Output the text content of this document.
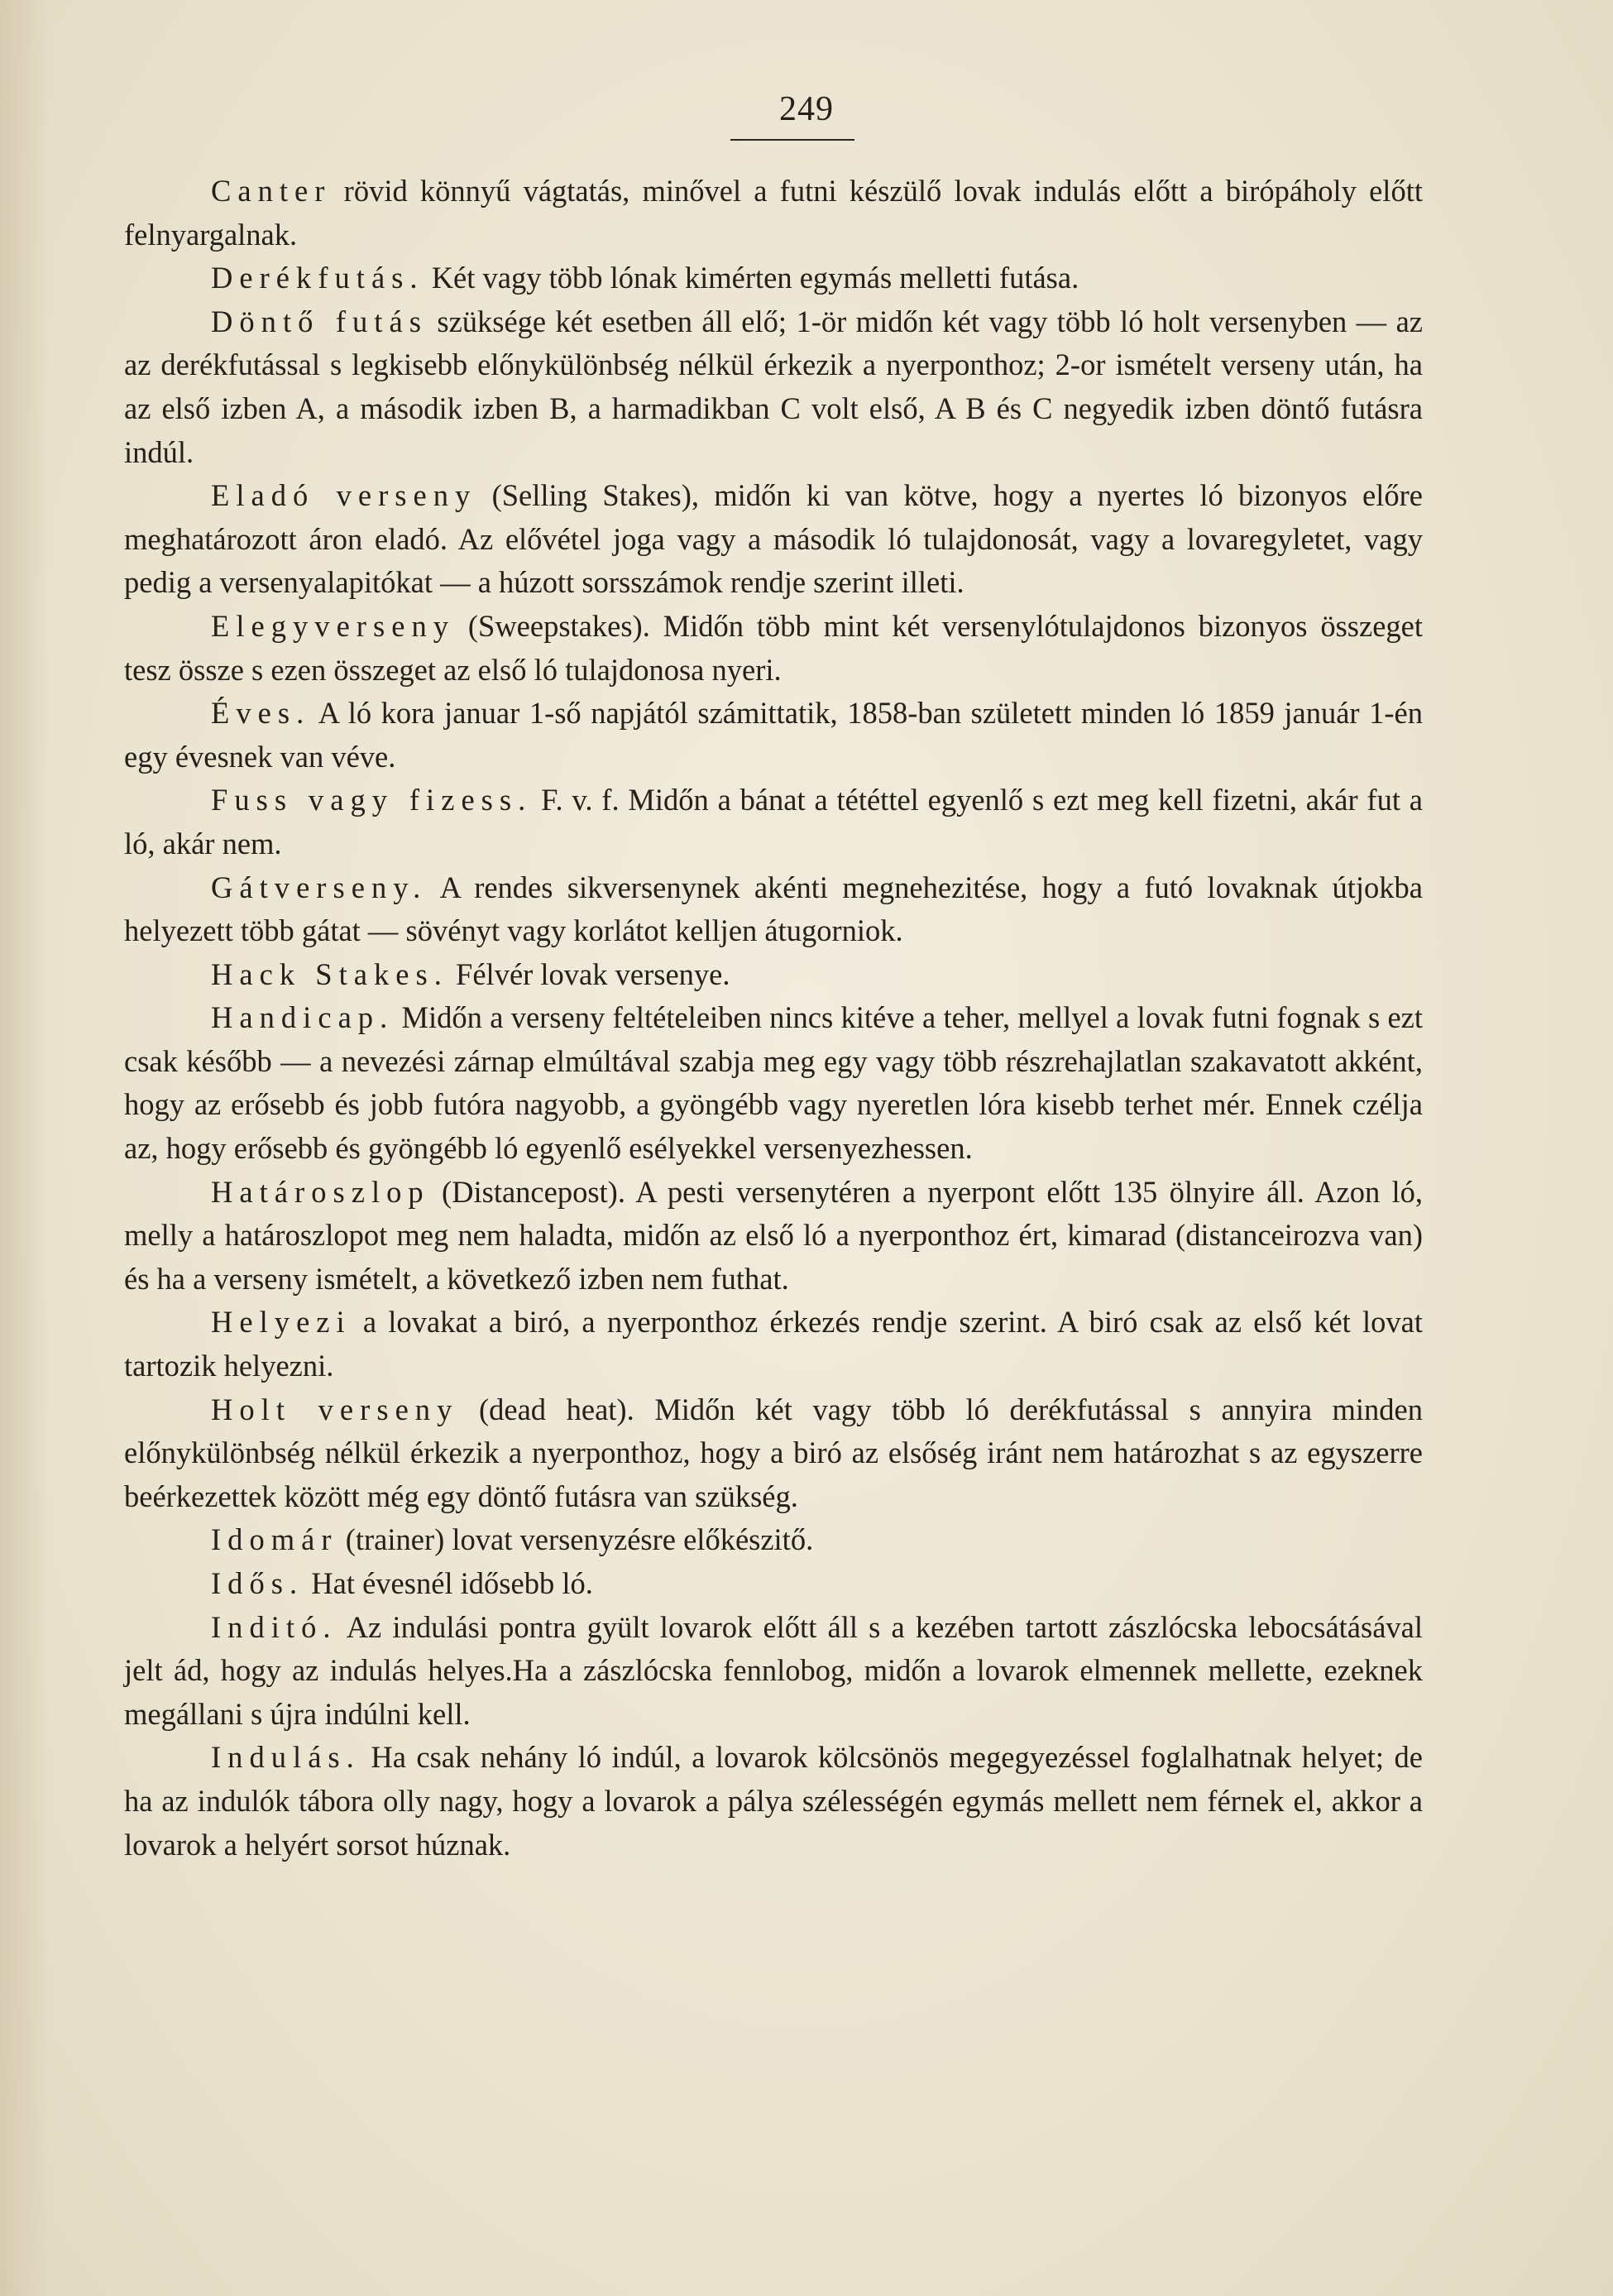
249

Canter rövid könnyű vágtatás, minővel a futni készülő lovak indulás előtt a birópáholy előtt felnyargalnak.

Derékfutás. Két vagy több lónak kimérten egymás melletti futása.

Döntő futás szüksége két esetben áll elő; 1-ör midőn két vagy több ló holt versenyben — az az derékfutással s legkisebb előnykülönbség nélkül érkezik a nyerponthoz; 2-or ismételt verseny után, ha az első izben A, a második izben B, a harmadikban C volt első, A B és C negyedik izben döntő futásra indúl.

Eladó verseny (Selling Stakes), midőn ki van kötve, hogy a nyertes ló bizonyos előre meghatározott áron eladó. Az elővétel joga vagy a második ló tulajdonosát, vagy a lovaregyletet, vagy pedig a versenyalapitókat — a húzott sorsszámok rendje szerint illeti.

Elegyverseny (Sweepstakes). Midőn több mint két versenylótulajdonos bizonyos összeget tesz össze s ezen összeget az első ló tulajdonosa nyeri.

Éves. A ló kora januar 1-ső napjától számittatik, 1858-ban született minden ló 1859 január 1-én egy évesnek van véve.

Fuss vagy fizess. F. v. f. Midőn a bánat a tététtel egyenlő s ezt meg kell fizetni, akár fut a ló, akár nem.

Gátverseny. A rendes sikversenynek akénti megnehezitése, hogy a futó lovaknak útjokba helyezett több gátat — sövényt vagy korlátot kelljen átugorniok.

Hack Stakes. Félvér lovak versenye.

Handicap. Midőn a verseny feltételeiben nincs kitéve a teher, mellyel a lovak futni fognak s ezt csak később — a nevezési zárnap elmúltával szabja meg egy vagy több részrehajlatlan szakavatott akként, hogy az erősebb és jobb futóra nagyobb, a gyöngébb vagy nyeretlen lóra kisebb terhet mér. Ennek czélja az, hogy erősebb és gyöngébb ló egyenlő esélyekkel versenyezhessen.

Határoszlop (Distancepost). A pesti versenytéren a nyerpont előtt 135 ölnyire áll. Azon ló, melly a határoszlopot meg nem haladta, midőn az első ló a nyerponthoz ért, kimarad (distanceirozva van) és ha a verseny ismételt, a következő izben nem futhat.

Helyezi a lovakat a biró, a nyerponthoz érkezés rendje szerint. A biró csak az első két lovat tartozik helyezni.

Holt verseny (dead heat). Midőn két vagy több ló derékfutással s annyira minden előnykülönbség nélkül érkezik a nyerponthoz, hogy a biró az elsőség iránt nem határozhat s az egyszerre beérkezettek között még egy döntő futásra van szükség.

Idomár (trainer) lovat versenyzésre előkészitő.

Idős. Hat évesnél idősebb ló.

Inditó. Az indulási pontra gyült lovarok előtt áll s a kezében tartott zászlócska lebocsátásával jelt ád, hogy az indulás helyes.Ha a zászlócska fennlobog, midőn a lovarok elmennek mellette, ezeknek megállani s újra indúlni kell.

Indulás. Ha csak nehány ló indúl, a lovarok kölcsönös megegyezéssel foglalhatnak helyet; de ha az indulók tábora olly nagy, hogy a lovarok a pálya szélességén egymás mellett nem férnek el, akkor a lovarok a helyért sorsot húznak.
